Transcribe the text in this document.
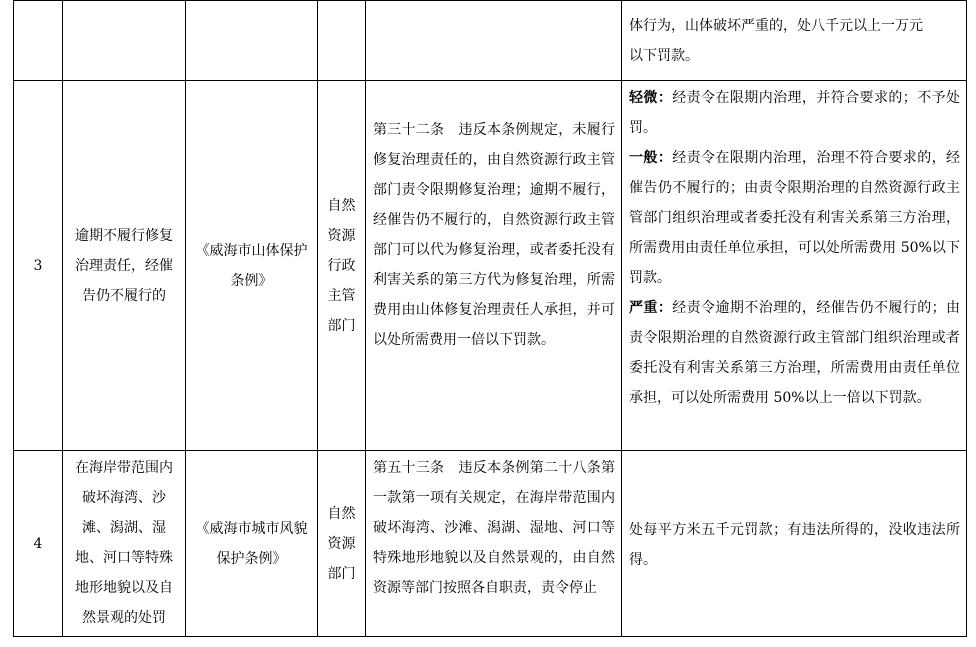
					体行为，山体破坏严重的，处八千元以上一万元
以下罚款。

3	逾期不履行修复治理责任，经催告仍不履行的	《威海市山体保护条例》	自然资源行政主管部门	第三十二条　违反本条例规定，未履行修复治理责任的，由自然资源行政主管部门责令限期修复治理；逾期不履行，经催告仍不履行的，自然资源行政主管部门可以代为修复治理，或者委托没有利害关系的第三方代为修复治理，所需费用由山体修复治理责任人承担，并可以处所需费用一倍以下罚款。	轻微：经责令在限期内治理，并符合要求的；不予处罚。
一般：经责令在限期内治理，治理不符合要求的，经催告仍不履行的；由责令限期治理的自然资源行政主管部门组织治理或者委托没有利害关系第三方治理，所需费用由责任单位承担，可以处所需费用 50%以下罚款。
严重：经责令逾期不治理的，经催告仍不履行的；由责令限期治理的自然资源行政主管部门组织治理或者委托没有利害关系第三方治理，所需费用由责任单位承担，可以处所需费用 50%以上一倍以下罚款。

4	在海岸带范围内破坏海湾、沙滩、潟湖、湿地、河口等特殊地形地貌以及自然景观的处罚	《威海市城市风貌保护条例》	自然资源部门	第五十三条　违反本条例第二十八条第一款第一项有关规定，在海岸带范围内破坏海湾、沙滩、潟湖、湿地、河口等特殊地形地貌以及自然景观的，由自然资源等部门按照各自职责，责令停止	处每平方米五千元罚款；有违法所得的，没收违法所得。
